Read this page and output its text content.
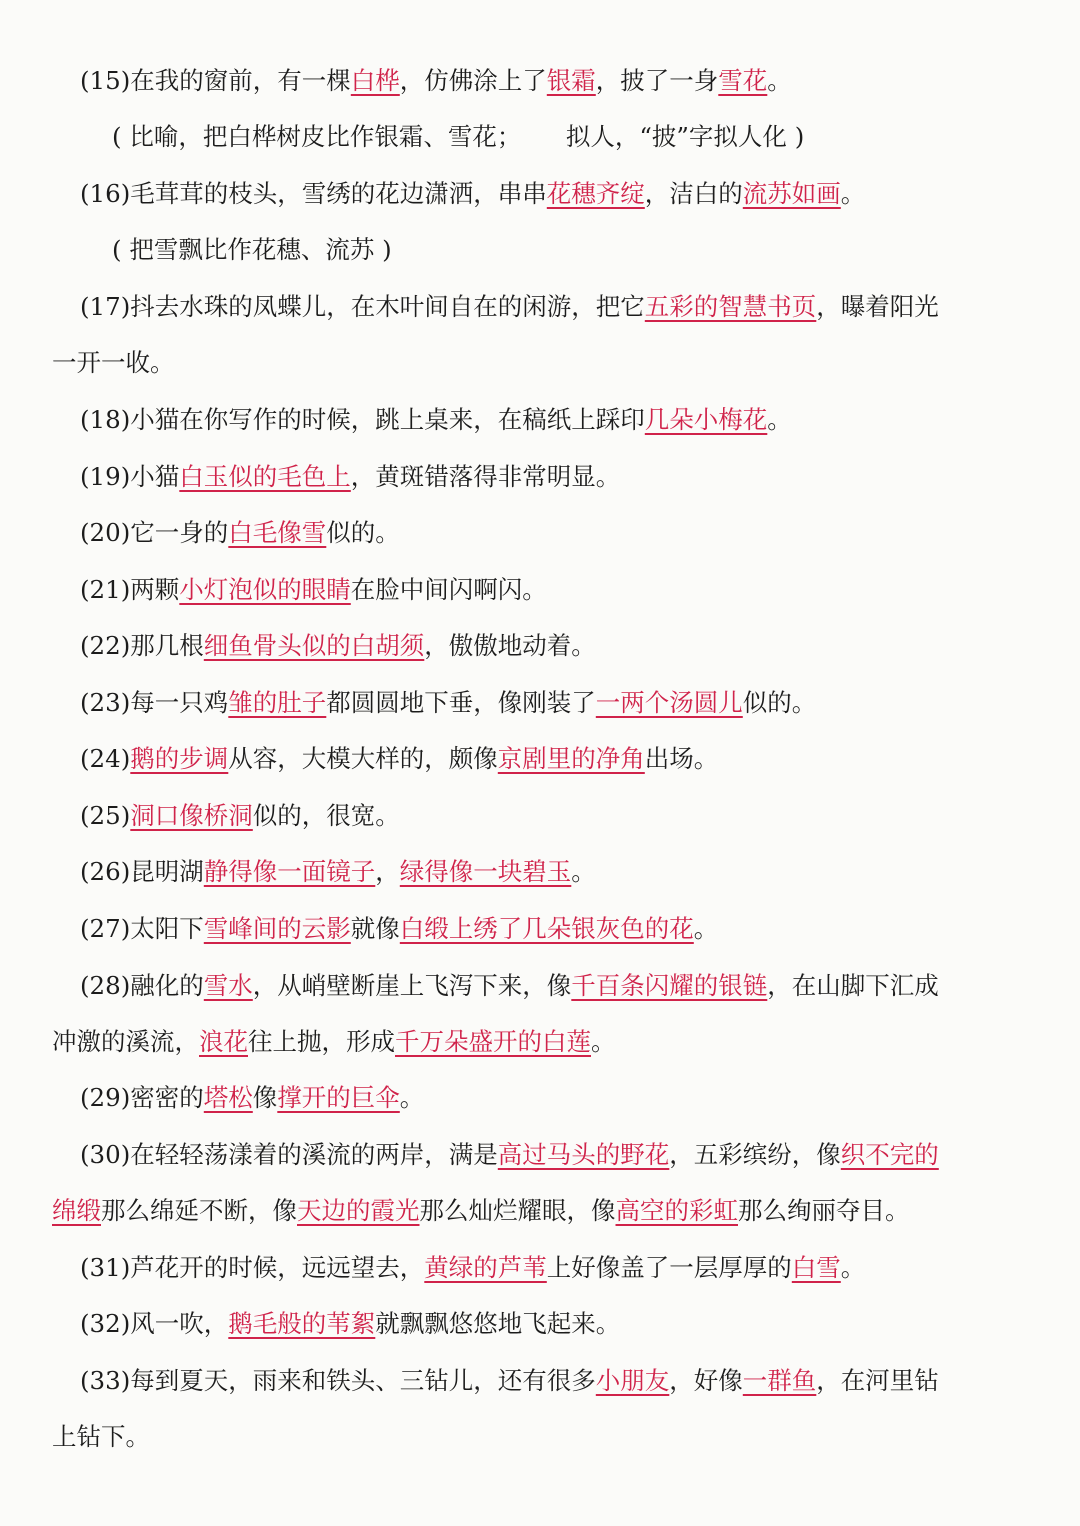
(15)在我的窗前，有一棵白桦，仿佛涂上了银霜，披了一身雪花。
( 比喻，把白桦树皮比作银霜、雪花；　　 拟人，“披”字拟人化 )
(16)毛茸茸的枝头，雪绣的花边潇洒，串串花穗齐绽，洁白的流苏如画。
( 把雪飘比作花穗、流苏 )
(17)抖去水珠的凤蝶儿，在木叶间自在的闲游，把它五彩的智慧书页，曝着阳光
一开一收。
(18)小猫在你写作的时候，跳上桌来，在稿纸上踩印几朵小梅花。
(19)小猫白玉似的毛色上，黄斑错落得非常明显。
(20)它一身的白毛像雪似的。
(21)两颗小灯泡似的眼睛在脸中间闪啊闪。
(22)那几根细鱼骨头似的白胡须，傲傲地动着。
(23)每一只鸡雏的肚子都圆圆地下垂，像刚装了一两个汤圆儿似的。
(24)鹅的步调从容，大模大样的，颇像京剧里的净角出场。
(25)洞口像桥洞似的，很宽。
(26)昆明湖静得像一面镜子，绿得像一块碧玉。
(27)太阳下雪峰间的云影就像白缎上绣了几朵银灰色的花。
(28)融化的雪水，从峭壁断崖上飞泻下来，像千百条闪耀的银链，在山脚下汇成
冲激的溪流，浪花往上抛，形成千万朵盛开的白莲。
(29)密密的塔松像撑开的巨伞。
(30)在轻轻荡漾着的溪流的两岸，满是高过马头的野花，五彩缤纷，像织不完的
绵缎那么绵延不断，像天边的霞光那么灿烂耀眼，像高空的彩虹那么绚丽夺目。
(31)芦花开的时候，远远望去，黄绿的芦苇上好像盖了一层厚厚的白雪。
(32)风一吹，鹅毛般的苇絮就飘飘悠悠地飞起来。
(33)每到夏天，雨来和铁头、三钻儿，还有很多小朋友，好像一群鱼，在河里钻
上钻下。
